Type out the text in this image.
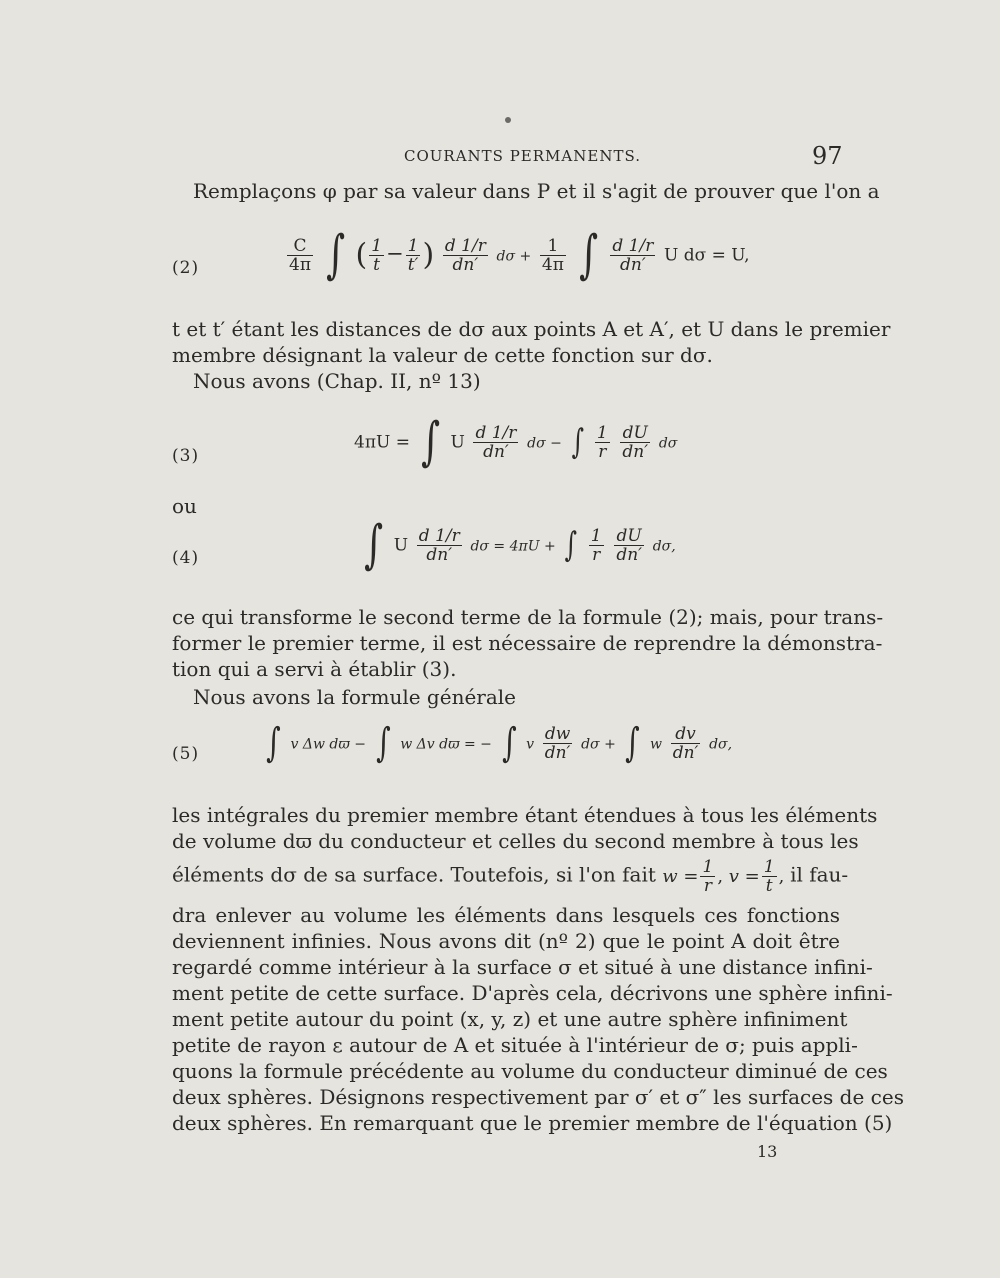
COURANTS PERMANENTS.	97
Remplaçons φ par sa valeur dans P et il s'agit de prouver que l'on a
(2)	$\frac{C}{4\pi}$ ∫ ( $\frac{1}{t} - \frac{1}{t'}$ ) $\frac{d 1/r}{dn'}$ $d\sigma + \frac{1}{4\pi}$ ∫ $\frac{d 1/r}{dn'}$ U dσ = U,
t et t′ étant les distances de dσ aux points A et A′, et U dans le premier
membre désignant la valeur de cette fonction sur dσ.
Nous avons (Chap. II, nº 13)
(3)
4πU = ∫ U $\frac{d 1/r}{dn'}$ dσ − ∫ $\frac{1}{r}$
$\frac{dU}{dn'}$ dσ
ou
(4)	∫ U $\frac{d 1/r}{dn'}$ dσ = 4πU + ∫ $\frac{1}{r}$
$\frac{dU}{dn'} d\sigma$,
ce qui transforme le second terme de la formule (2); mais, pour trans-
former le premier terme, il est nécessaire de reprendre la démonstra-
tion qui a servi à établir (3).
Nous avons la formule générale
(5) ∫ v Δw dϖ − ∫ w Δv dϖ = − ∫ v $\frac{dw}{dn'}$ dσ + ∫ w $\frac{dv}{dn'} d\sigma$,
les intégrales du premier membre étant étendues à tous les éléments
de volume dϖ du conducteur et celles du second membre à tous les
éléments dσ de sa surface. Toutefois, si l'on fait $w = \frac{1}{r}$ , $v = \frac{1}{t}$ , il fau-
dra enlever au volume les éléments dans lesquels ces fonctions
deviennent infinies. Nous avons dit (nº 2) que le point A doit être
regardé comme intérieur à la surface σ et situé à une distance infini-
ment petite de cette surface. D'après cela, décrivons une sphère infini-
ment petite autour du point (x, y, z) et une autre sphère infiniment
petite de rayon ε autour de A et située à l'intérieur de σ; puis appli-
quons la formule précédente au volume du conducteur diminué de ces
deux sphères. Désignons respectivement par σ′ et σ″ les surfaces de ces
deux sphères. En remarquant que le premier membre de l'équation (5)
13
